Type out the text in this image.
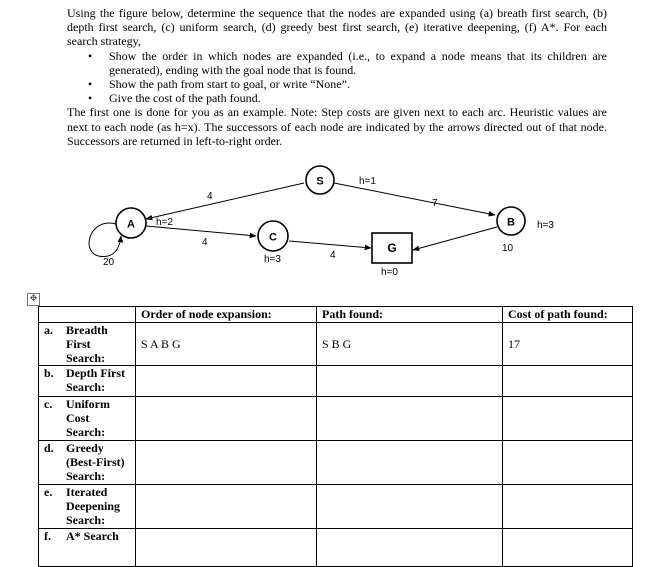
Using the figure below, determine the sequence that the nodes are expanded using (a) breath first search, (b) depth first search, (c) uniform search, (d) greedy best first search, (e) iterative deepening, (f) A*. For each search strategy,

• Show the order in which nodes are expanded (i.e., to expand a node means that its children are generated), ending with the goal node that is found.
• Show the path from start to goal, or write “None”.
• Give the cost of the path found.

The first one is done for you as an example. Note: Step costs are given next to each arc. Heuristic values are next to each node (as h=x). The successors of each node are indicated by the arrows directed out of that node. Successors are returned in left-to-right order.

S
A	B
C
G
h=1
h=2	h=3
h=3
h=0
4
7
4
20
4
10
✥
	Order of node expansion:	Path found:	Cost of path found:

a. Breadth First Search:	S A B G	S B G	17

b. Depth First Search:			

c. Uniform Cost Search:			

d. Greedy (Best-First) Search:			

e. Iterated Deepening Search:			

f. A* Search			
